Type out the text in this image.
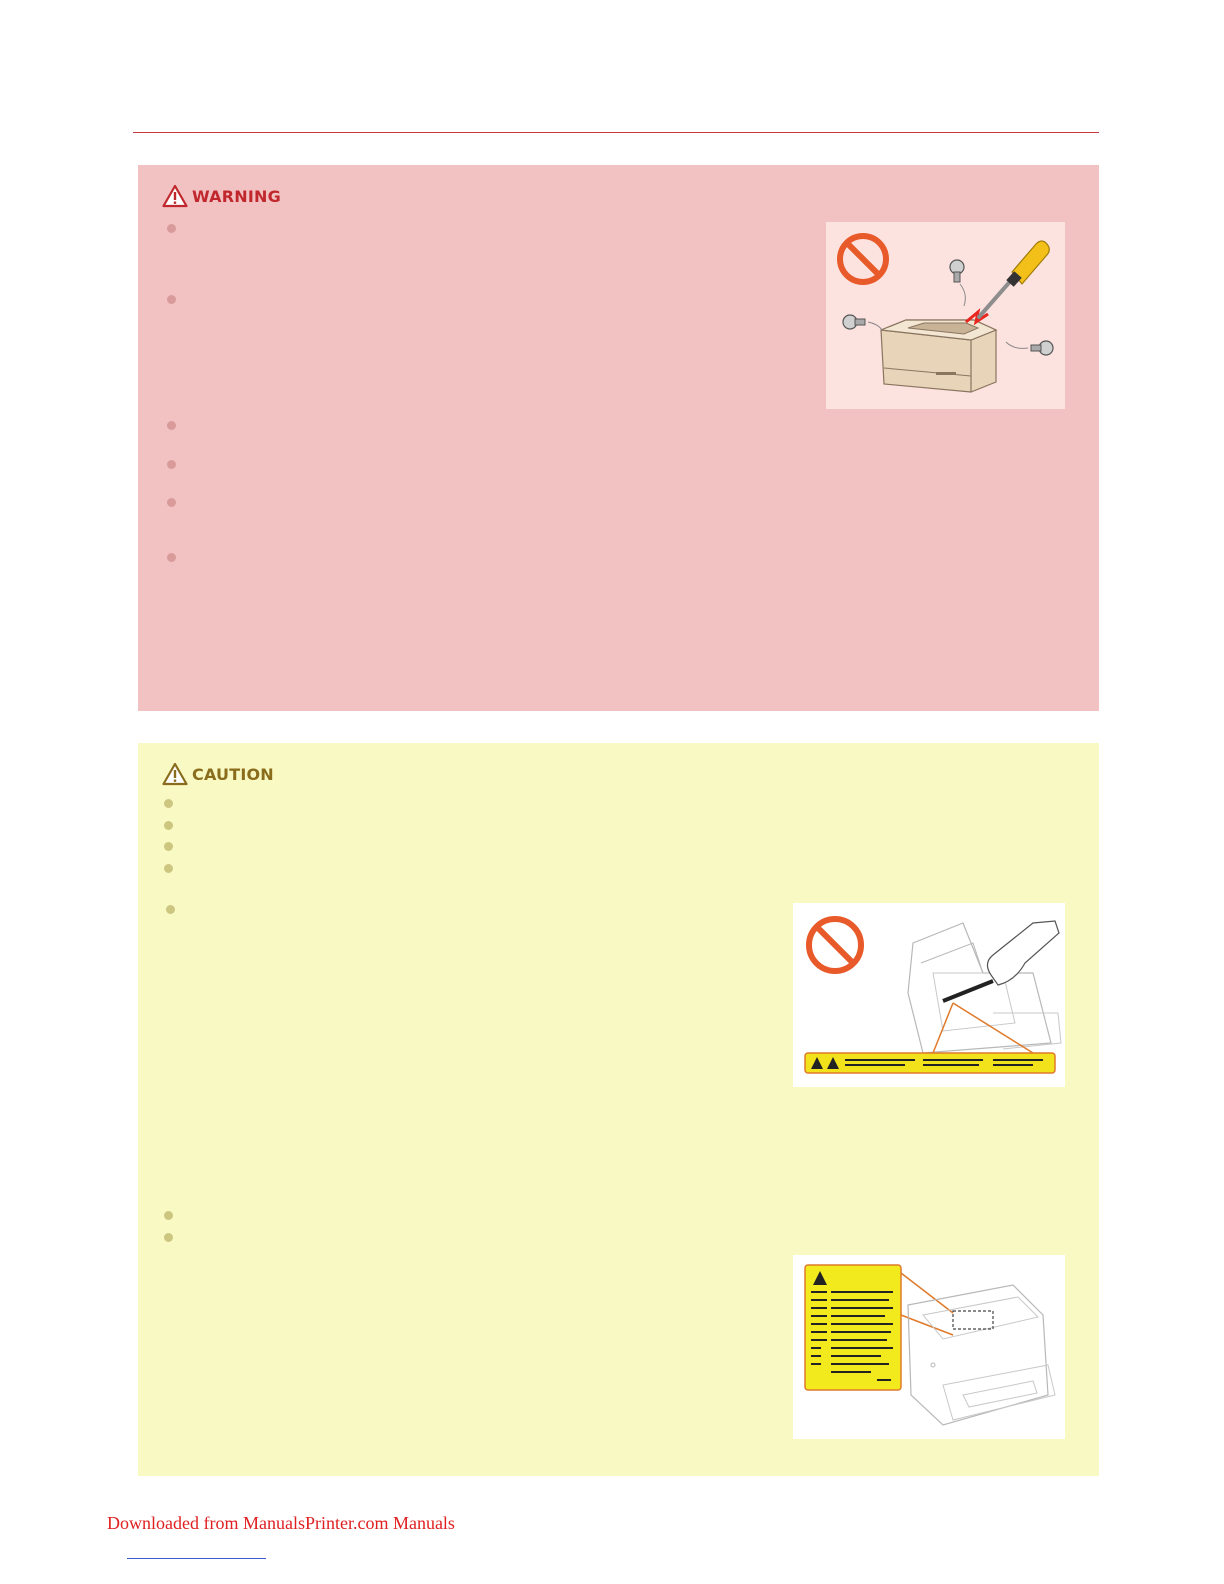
WARNING
CAUTION
Downloaded from ManualsPrinter.com Manuals
